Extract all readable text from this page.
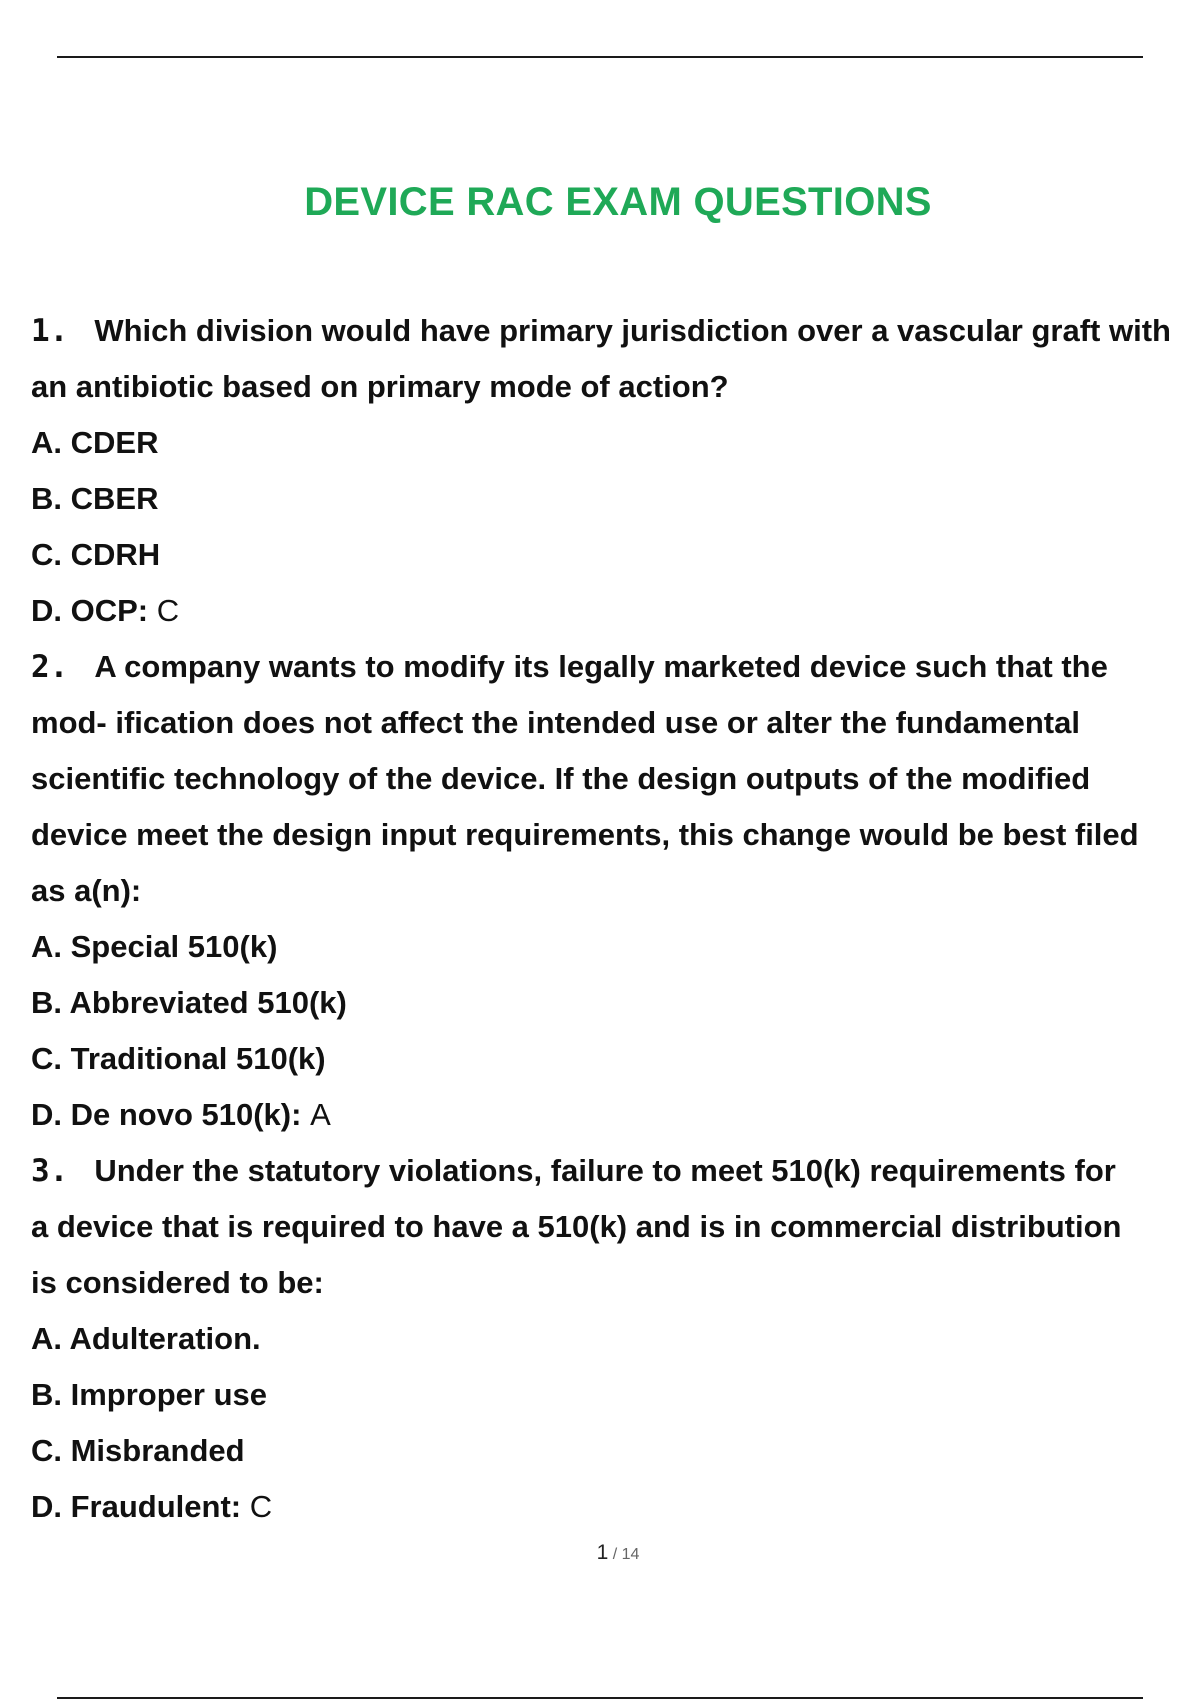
DEVICE RAC EXAM QUESTIONS
1. Which division would have primary jurisdiction over a vascular graft with
an antibiotic based on primary mode of action?
A. CDER
B. CBER
C. CDRH
D. OCP: C
2. A company wants to modify its legally marketed device such that the
mod- ification does not affect the intended use or alter the fundamental
scientific technology of the device. If the design outputs of the modified
device meet the design input requirements, this change would be best filed
as a(n):
A. Special 510(k)
B. Abbreviated 510(k)
C. Traditional 510(k)
D. De novo 510(k): A
3. Under the statutory violations, failure to meet 510(k) requirements for
a device that is required to have a 510(k) and is in commercial distribution
is considered to be:
A. Adulteration.
B. Improper use
C. Misbranded
D. Fraudulent: C
1 / 14
